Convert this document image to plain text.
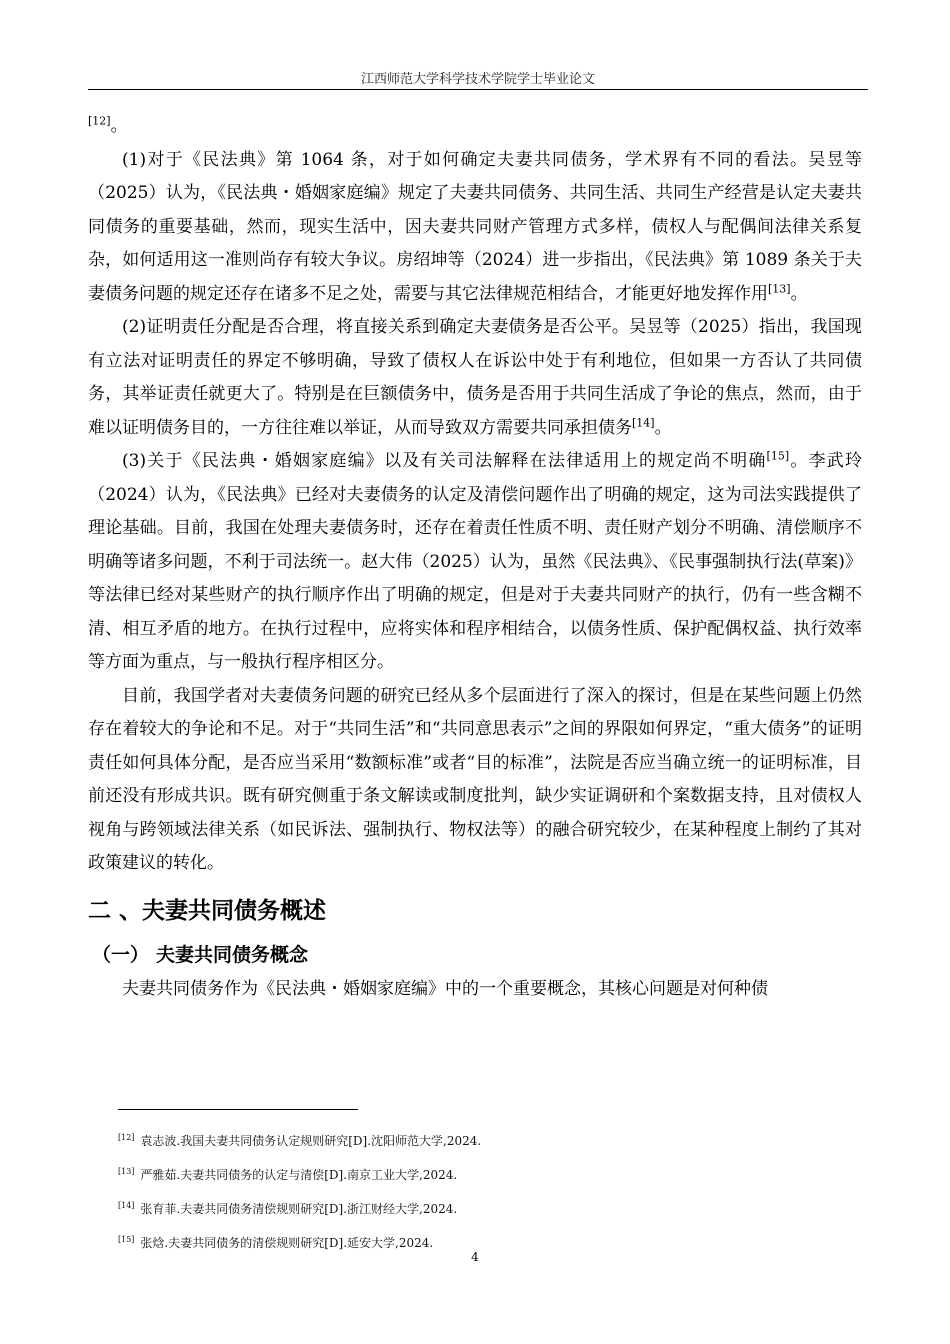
江西师范大学科学技术学院学士毕业论文

[12]。

(1)对于《民法典》第 1064 条，对于如何确定夫妻共同债务，学术界有不同的看法。吴昱等（2025）认为，《民法典・婚姻家庭编》规定了夫妻共同债务、共同生活、共同生产经营是认定夫妻共同债务的重要基础，然而，现实生活中，因夫妻共同财产管理方式多样，债权人与配偶间法律关系复杂，如何适用这一准则尚存有较大争议。房绍坤等（2024）进一步指出，《民法典》第 1089 条关于夫妻债务问题的规定还存在诸多不足之处，需要与其它法律规范相结合，才能更好地发挥作用[13]。

(2)证明责任分配是否合理，将直接关系到确定夫妻债务是否公平。吴昱等（2025）指出，我国现有立法对证明责任的界定不够明确，导致了债权人在诉讼中处于有利地位，但如果一方否认了共同债务，其举证责任就更大了。特别是在巨额债务中，债务是否用于共同生活成了争论的焦点，然而，由于难以证明债务目的，一方往往难以举证，从而导致双方需要共同承担债务[14]。

(3)关于《民法典・婚姻家庭编》以及有关司法解释在法律适用上的规定尚不明确[15]。李武玲（2024）认为，《民法典》已经对夫妻债务的认定及清偿问题作出了明确的规定，这为司法实践提供了理论基础。目前，我国在处理夫妻债务时，还存在着责任性质不明、责任财产划分不明确、清偿顺序不明确等诸多问题，不利于司法统一。赵大伟（2025）认为，虽然《民法典》、《民事强制执行法(草案)》等法律已经对某些财产的执行顺序作出了明确的规定，但是对于夫妻共同财产的执行，仍有一些含糊不清、相互矛盾的地方。在执行过程中，应将实体和程序相结合，以债务性质、保护配偶权益、执行效率等方面为重点，与一般执行程序相区分。

目前，我国学者对夫妻债务问题的研究已经从多个层面进行了深入的探讨，但是在某些问题上仍然存在着较大的争论和不足。对于“共同生活”和“共同意思表示”之间的界限如何界定，“重大债务”的证明责任如何具体分配，是否应当采用“数额标准”或者“目的标准”，法院是否应当确立统一的证明标准，目前还没有形成共识。既有研究侧重于条文解读或制度批判，缺少实证调研和个案数据支持，且对债权人视角与跨领域法律关系（如民诉法、强制执行、物权法等）的融合研究较少，在某种程度上制约了其对政策建议的转化。

二 、夫妻共同债务概述
（一） 夫妻共同债务概念

夫妻共同债务作为《民法典・婚姻家庭编》中的一个重要概念，其核心问题是对何种债

[12] 袁志波.我国夫妻共同债务认定规则研究[D].沈阳师范大学,2024.

[13] 严雅茹.夫妻共同债务的认定与清偿[D].南京工业大学,2024.

[14] 张育菲.夫妻共同债务清偿规则研究[D].浙江财经大学,2024.

[15] 张焓.夫妻共同债务的清偿规则研究[D].延安大学,2024.

4
